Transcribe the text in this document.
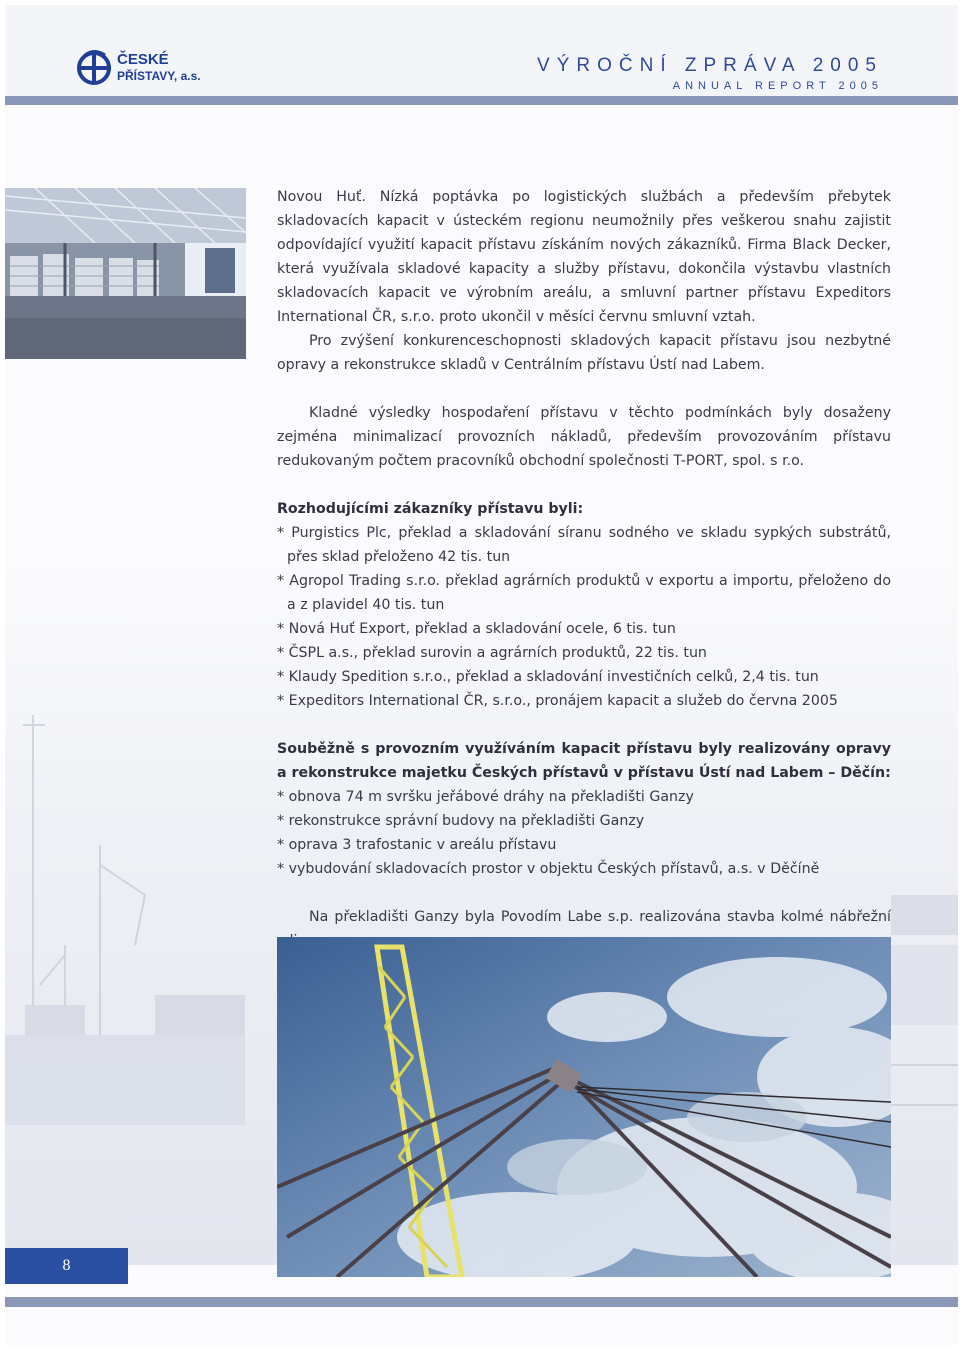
ČESKÉ
PŘÍSTAVY, a.s.	VÝROČNÍ ZPRÁVA 2005
ANNUAL REPORT 2005

Novou Huť. Nízká poptávka po logistických službách a především přebytek skladovacích kapacit v ústeckém regionu neumožnily přes veškerou snahu zajistit odpovídající využití kapacit přístavu získáním nových zákazníků. Firma Black Decker, která využívala skladové kapacity a služby přístavu, dokončila výstavbu vlastních skladovacích kapacit ve výrobním areálu, a smluvní partner přístavu Expeditors International ČR, s.r.o. proto ukončil v měsíci červnu smluvní vztah.

Pro zvýšení konkurenceschopnosti skladových kapacit přístavu jsou nezbytné opravy a rekonstrukce skladů v Centrálním přístavu Ústí nad Labem.

Kladné výsledky hospodaření přístavu v těchto podmínkách byly dosaženy zejména minimalizací provozních nákladů, především provozováním přístavu redukovaným počtem pracovníků obchodní společnosti T-PORT, spol. s r.o.

Rozhodujícími zákazníky přístavu byli:

* Purgistics Plc, překlad a skladování síranu sodného ve skladu sypkých substrátů, přes sklad přeloženo 42 tis. tun

* Agropol Trading s.r.o. překlad agrárních produktů v exportu a importu, přeloženo do a z plavidel 40 tis. tun

* Nová Huť Export, překlad a skladování ocele, 6 tis. tun

* ČSPL a.s., překlad surovin a agrárních produktů, 22 tis. tun

* Klaudy Spedition s.r.o., překlad a skladování investičních celků, 2,4 tis. tun

* Expeditors International ČR, s.r.o., pronájem kapacit a služeb do června 2005

Souběžně s provozním využíváním kapacit přístavu byly realizovány opravy a rekonstrukce majetku Českých přístavů v přístavu Ústí nad Labem – Děčín:

* obnova 74 m svršku jeřábové dráhy na překladišti Ganzy

* rekonstrukce správní budovy na překladišti Ganzy

* oprava 3 trafostanic v areálu přístavu

* vybudování skladovacích prostor v objektu Českých přístavů, a.s. v Děčíně

Na překladišti Ganzy byla Povodím Labe s.p. realizována stavba kolmé nábřežní

8
